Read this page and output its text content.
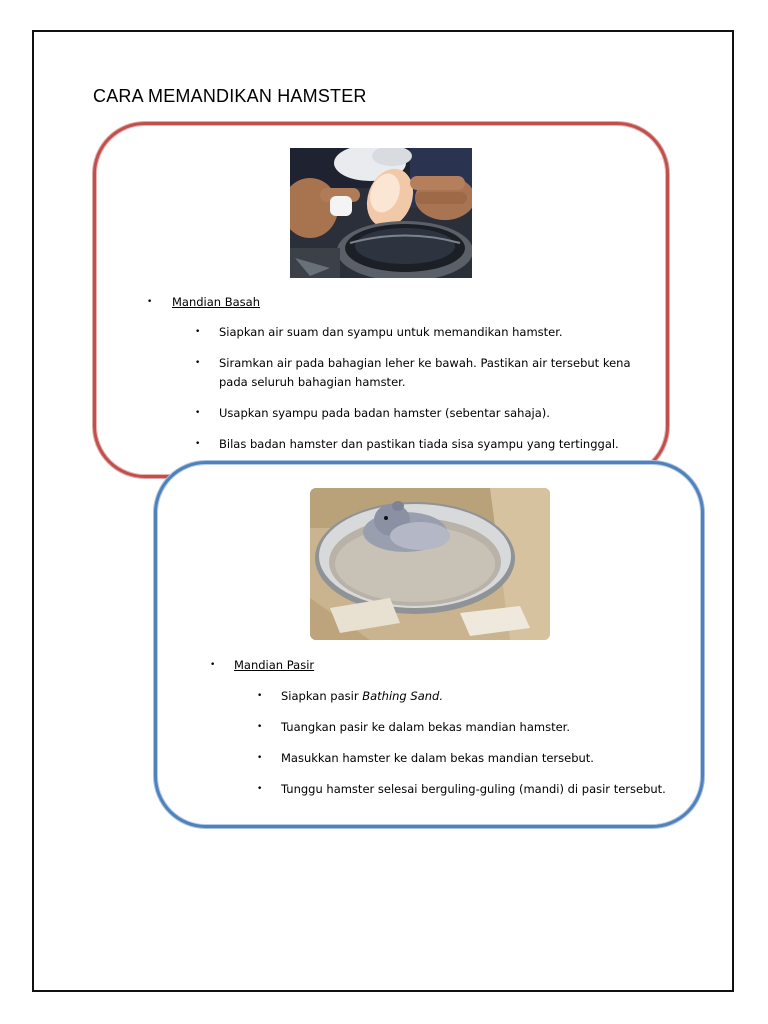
CARA MEMANDIKAN HAMSTER
• Mandian Basah
• Siapkan air suam dan syampu untuk memandikan hamster.
• Siramkan air pada bahagian leher ke bawah. Pastikan air tersebut kena
pada seluruh bahagian hamster.
• Usapkan syampu pada badan hamster (sebentar sahaja).
• Bilas badan hamster dan pastikan tiada sisa syampu yang tertinggal.
• Mandian Pasir
• Siapkan pasir Bathing Sand.
• Tuangkan pasir ke dalam bekas mandian hamster.
• Masukkan hamster ke dalam bekas mandian tersebut.
• Tunggu hamster selesai berguling-guling (mandi) di pasir tersebut.
